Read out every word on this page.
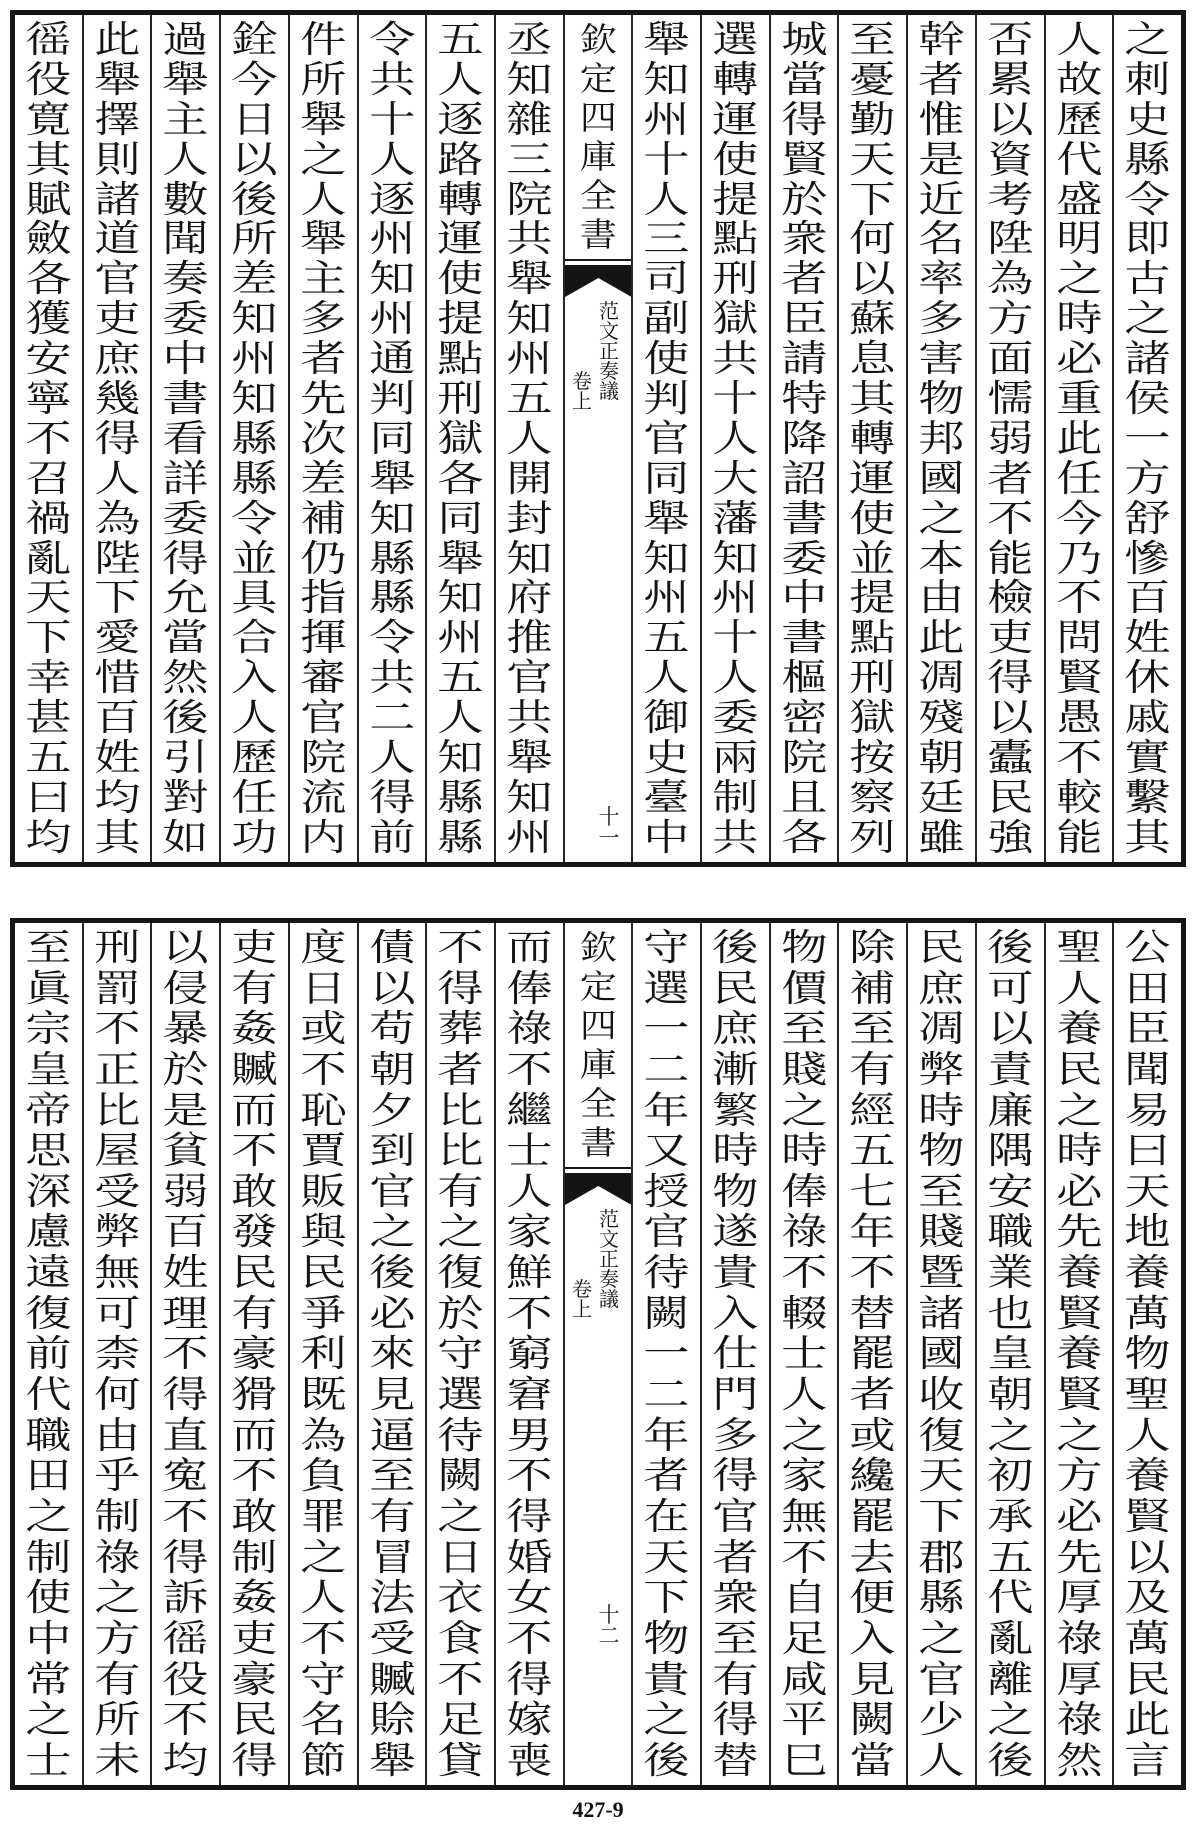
之
刺
史
縣
令
即
古
之
諸
侯
一
方
舒
慘
百
姓
休
戚
實
繫
其
人
故
歷
代
盛
明
之
時
必
重
此
任
今
乃
不
問
賢
愚
不
較
能
否
累
以
資
考
陞
為
方
面
懦
弱
者
不
能
檢
吏
得
以
蠹
民
強
幹
者
惟
是
近
名
率
多
害
物
邦
國
之
本
由
此
凋
殘
朝
廷
雖
至
憂
勤
天
下
何
以
蘇
息
其
轉
運
使
並
提
點
刑
獄
按
察
列
城
當
得
賢
於
衆
者
臣
請
特
降
詔
書
委
中
書
樞
密
院
且
各
選
轉
運
使
提
點
刑
獄
共
十
人
大
藩
知
州
十
人
委
兩
制
共
舉
知
州
十
人
三
司
副
使
判
官
同
舉
知
州
五
人
御
史
臺
中
欽
定
四
庫
全
書
范
文
正
奏
議
卷
上
十
一
丞
知
雜
三
院
共
舉
知
州
五
人
開
封
知
府
推
官
共
舉
知
州
五
人
逐
路
轉
運
使
提
點
刑
獄
各
同
舉
知
州
五
人
知
縣
縣
令
共
十
人
逐
州
知
州
通
判
同
舉
知
縣
縣
令
共
二
人
得
前
件
所
舉
之
人
舉
主
多
者
先
次
差
補
仍
指
揮
審
官
院
流
内
銓
今
日
以
後
所
差
知
州
知
縣
縣
令
並
具
合
入
人
歷
任
功
過
舉
主
人
數
聞
奏
委
中
書
看
詳
委
得
允
當
然
後
引
對
如
此
舉
擇
則
諸
道
官
吏
庶
幾
得
人
為
陛
下
愛
惜
百
姓
均
其
徭
役
寛
其
賦
斂
各
獲
安
寧
不
召
禍
亂
天
下
幸
甚
五
曰
均
公
田
臣
聞
易
曰
天
地
養
萬
物
聖
人
養
賢
以
及
萬
民
此
言
聖
人
養
民
之
時
必
先
養
賢
養
賢
之
方
必
先
厚
祿
厚
祿
然
後
可
以
責
廉
隅
安
職
業
也
皇
朝
之
初
承
五
代
亂
離
之
後
民
庶
凋
弊
時
物
至
賤
暨
諸
國
收
復
天
下
郡
縣
之
官
少
人
除
補
至
有
經
五
七
年
不
替
罷
者
或
纔
罷
去
便
入
見
闕
當
物
價
至
賤
之
時
俸
祿
不
輟
士
人
之
家
無
不
自
足
咸
平
巳
後
民
庶
漸
繁
時
物
遂
貴
入
仕
門
多
得
官
者
衆
至
有
得
替
守
選
一
二
年
又
授
官
待
闕
一
二
年
者
在
天
下
物
貴
之
後
欽
定
四
庫
全
書
范
文
正
奏
議
卷
上
十
二
而
俸
祿
不
繼
士
人
家
鮮
不
窮
窘
男
不
得
婚
女
不
得
嫁
喪
不
得
葬
者
比
比
有
之
復
於
守
選
待
闕
之
日
衣
食
不
足
貸
債
以
苟
朝
夕
到
官
之
後
必
來
見
逼
至
有
冒
法
受
贓
賒
舉
度
日
或
不
恥
賈
販
與
民
爭
利
既
為
負
罪
之
人
不
守
名
節
吏
有
姦
贓
而
不
敢
發
民
有
豪
猾
而
不
敢
制
姦
吏
豪
民
得
以
侵
暴
於
是
貧
弱
百
姓
理
不
得
直
寃
不
得
訴
徭
役
不
均
刑
罰
不
正
比
屋
受
弊
無
可
柰
何
由
乎
制
祿
之
方
有
所
未
至
眞
宗
皇
帝
思
深
慮
遠
復
前
代
職
田
之
制
使
中
常
之
士
427-9
